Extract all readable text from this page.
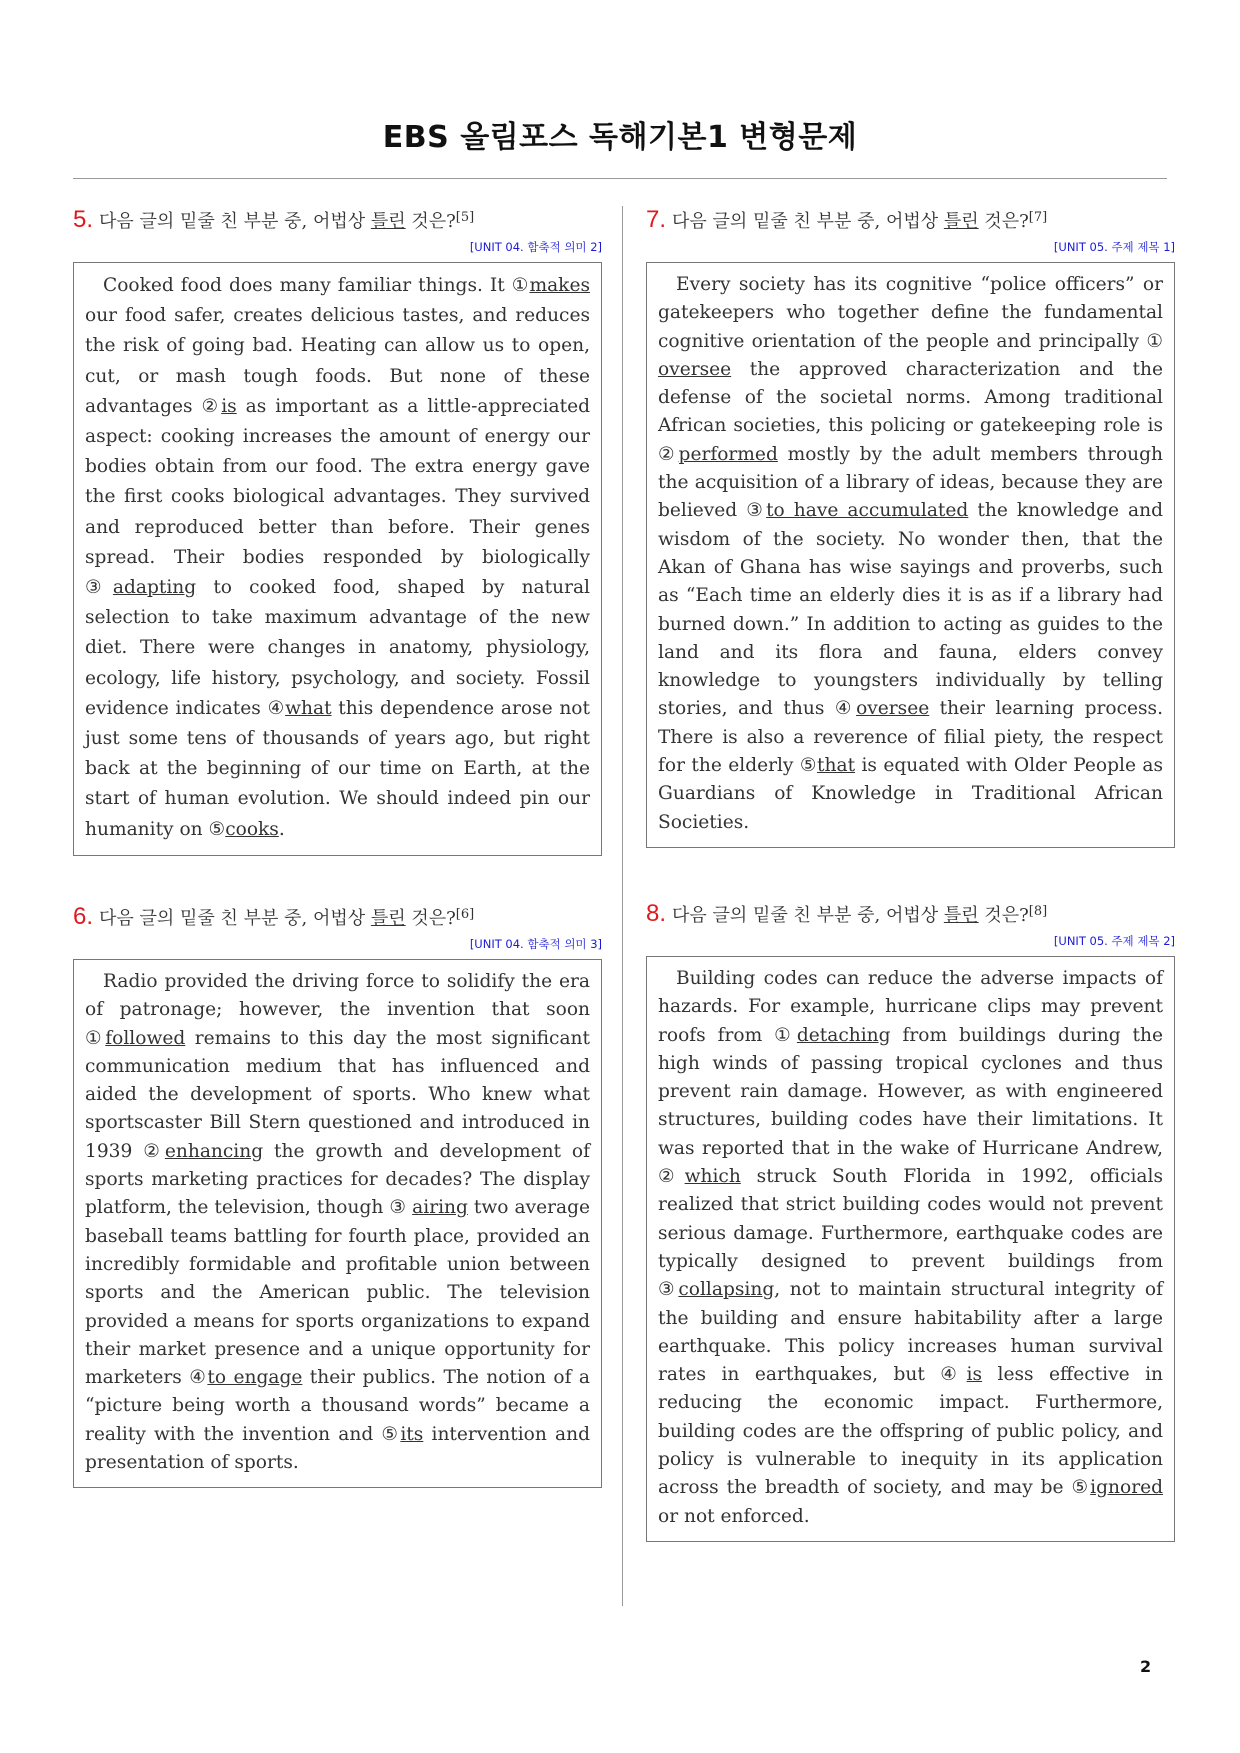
EBS 올림포스 독해기본1 변형문제
5. 다음 글의 밑줄 친 부분 중, 어법상 틀린 것은?[5]
[UNIT 04. 함축적 의미 2]
Cooked food does many familiar things. It ①makes our food safer, creates delicious tastes, and reduces the risk of going bad. Heating can allow us to open, cut, or mash tough foods. But none of these advantages ②is as important as a little-appreciated aspect: cooking increases the amount of energy our bodies obtain from our food. The extra energy gave the first cooks biological advantages. They survived and reproduced better than before. Their genes spread. Their bodies responded by biologically ③adapting to cooked food, shaped by natural selection to take maximum advantage of the new diet. There were changes in anatomy, physiology, ecology, life history, psychology, and society. Fossil evidence indicates ④what this dependence arose not just some tens of thousands of years ago, but right back at the beginning of our time on Earth, at the start of human evolution. We should indeed pin our humanity on ⑤cooks.
6. 다음 글의 밑줄 친 부분 중, 어법상 틀린 것은?[6]
[UNIT 04. 함축적 의미 3]
Radio provided the driving force to solidify the era of patronage; however, the invention that soon ①followed remains to this day the most significant communication medium that has influenced and aided the development of sports. Who knew what sportscaster Bill Stern questioned and introduced in 1939 ②enhancing the growth and development of sports marketing practices for decades? The display platform, the television, though ③ airing two average baseball teams battling for fourth place, provided an incredibly formidable and profitable union between sports and the American public. The television provided a means for sports organizations to expand their market presence and a unique opportunity for marketers ④to engage their publics. The notion of a “picture being worth a thousand words” became a reality with the invention and ⑤its intervention and presentation of sports.
7. 다음 글의 밑줄 친 부분 중, 어법상 틀린 것은?[7]
[UNIT 05. 주제 제목 1]
Every society has its cognitive “police officers” or gatekeepers who together define the fundamental cognitive orientation of the people and principally ① oversee the approved characterization and the defense of the societal norms. Among traditional African societies, this policing or gatekeeping role is ②performed mostly by the adult members through the acquisition of a library of ideas, because they are believed ③to have accumulated the knowledge and wisdom of the society. No wonder then, that the Akan of Ghana has wise sayings and proverbs, such as “Each time an elderly dies it is as if a library had burned down.” In addition to acting as guides to the land and its flora and fauna, elders convey knowledge to youngsters individually by telling stories, and thus ④oversee their learning process. There is also a reverence of filial piety, the respect for the elderly ⑤that is equated with Older People as Guardians of Knowledge in Traditional African Societies.
8. 다음 글의 밑줄 친 부분 중, 어법상 틀린 것은?[8]
[UNIT 05. 주제 제목 2]
Building codes can reduce the adverse impacts of hazards. For example, hurricane clips may prevent roofs from ①detaching from buildings during the high winds of passing tropical cyclones and thus prevent rain damage. However, as with engineered structures, building codes have their limitations. It was reported that in the wake of Hurricane Andrew, ②which struck South Florida in 1992, officials realized that strict building codes would not prevent serious damage. Furthermore, earthquake codes are typically designed to prevent buildings from ③collapsing, not to maintain structural integrity of the building and ensure habitability after a large earthquake. This policy increases human survival rates in earthquakes, but ④is less effective in reducing the economic impact. Furthermore, building codes are the offspring of public policy, and policy is vulnerable to inequity in its application across the breadth of society, and may be ⑤ignored or not enforced.
2
